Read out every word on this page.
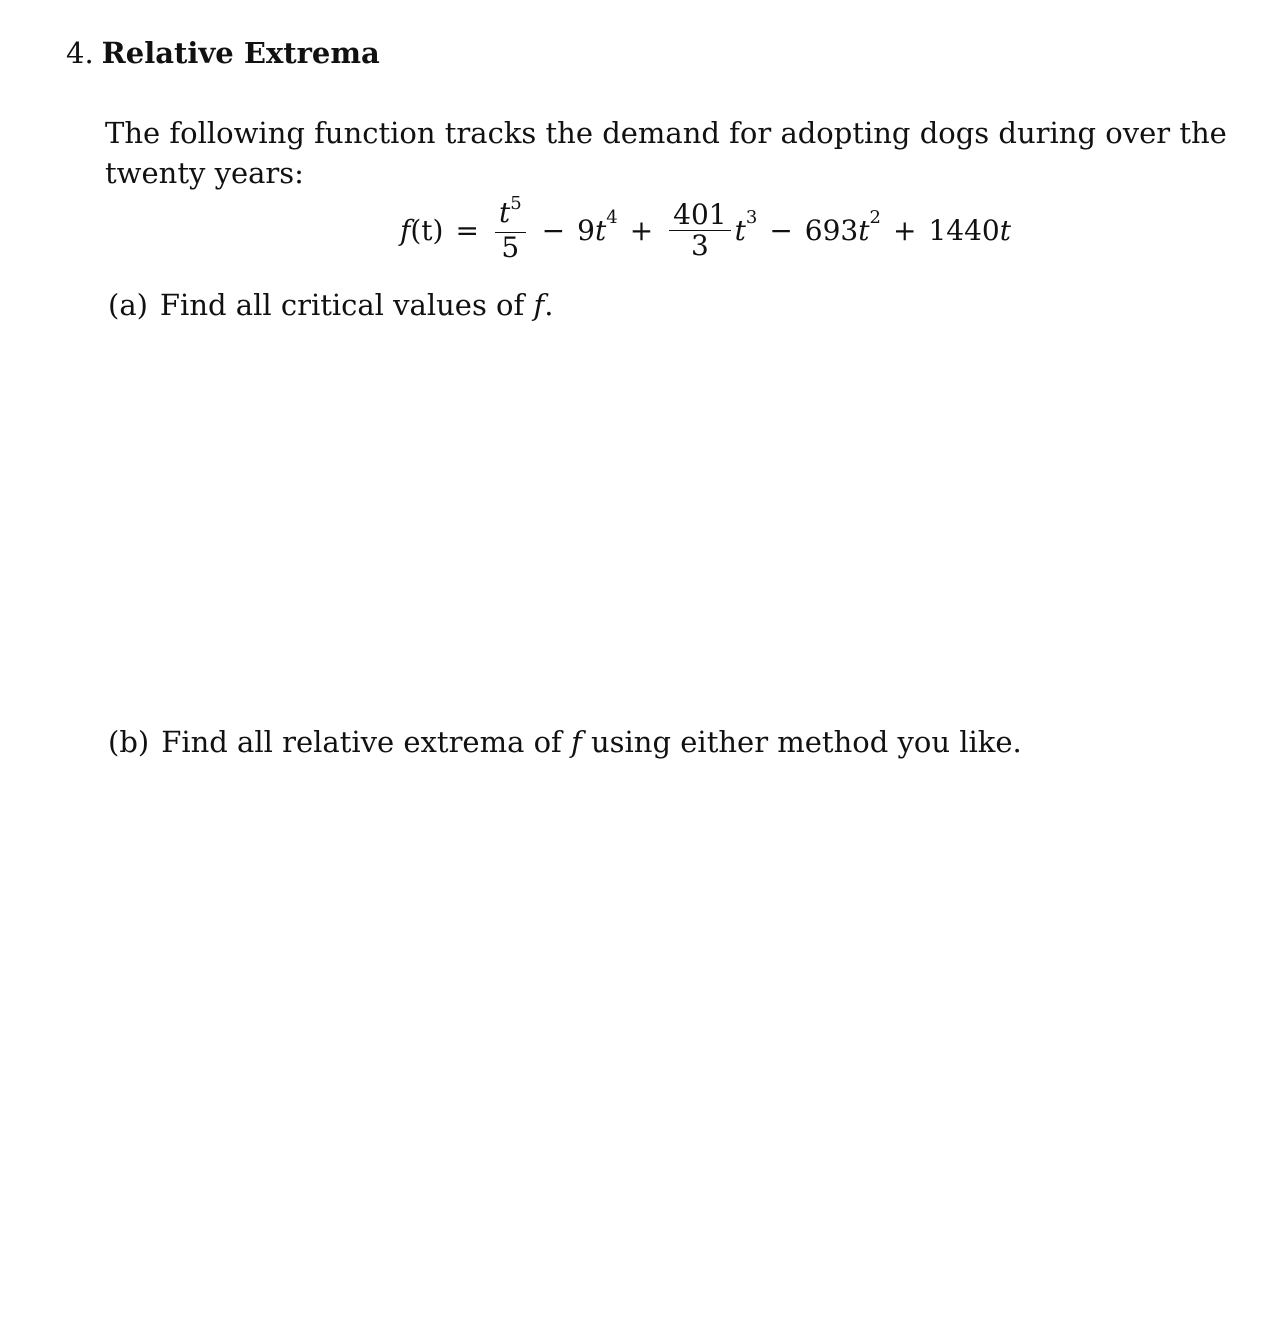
4. Relative Extrema
The following function tracks the demand for adopting dogs during over the twenty years:
f $(t) = \frac{t^5}{5} - 9$ $t^4 + \frac{401}{3} t^3 - 693$ $t^2 + 1440$ t
(a) Find all critical values of f.
(b) Find all relative extrema of f using either method you like.
